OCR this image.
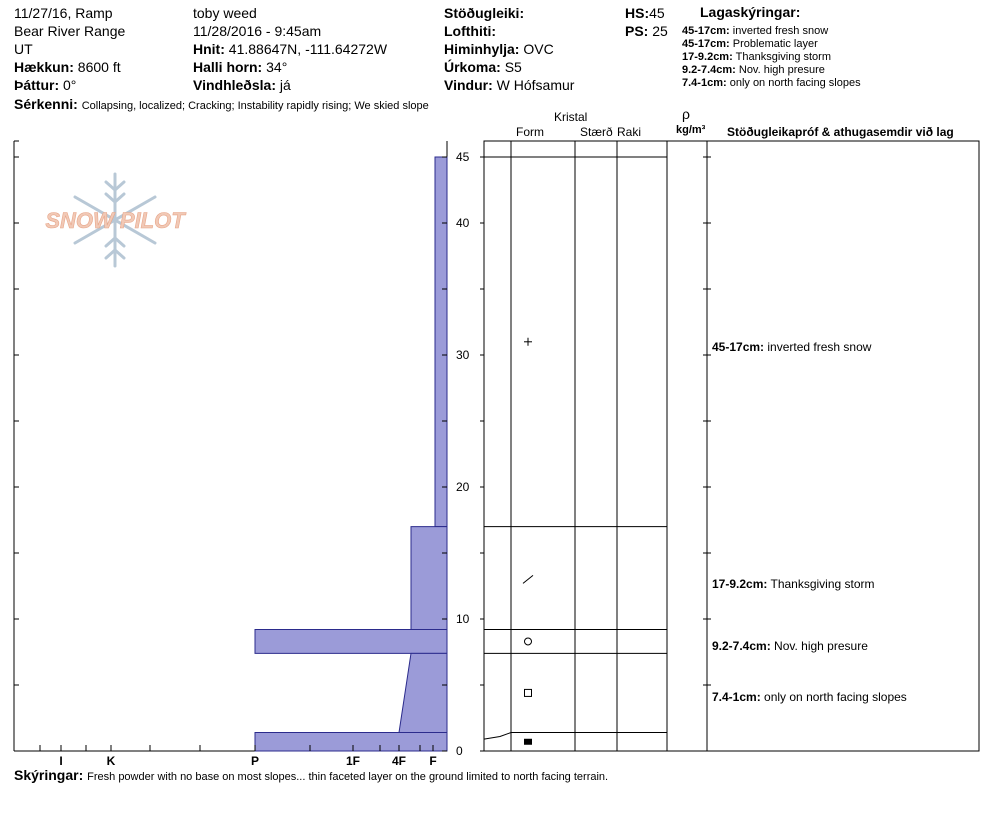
11/27/16, Ramp
Bear River Range
UT
Hækkun: 8600 ft
Þáttur: 0°
toby weed
11/28/2016 - 9:45am
Hnit: 41.88647N, -111.64272W
Halli horn: 34°
Vindhleðsla: já
Stöðugleiki:
Lofthiti:
Himinhylja: OVC
Úrkoma: S5
Vindur: W Hófsamur
HS:45
PS: 25
Sérkenni: Collapsing, localized; Cracking; Instability rapidly rising; We skied slope
Lagaskýringar:
45-17cm: inverted fresh snow
45-17cm: Problematic layer
17-9.2cm: Thanksgiving storm
9.2-7.4cm: Nov. high presure
7.4-1cm: only on north facing slopes
Kristal
Form	Stærð Raki
ρ
kg/m³ Stöðugleikapróf & athugasemdir við lag
SNOW PILOT
0
10
20
30
40
45
I	K	P	1F	4F F
45-17cm: inverted fresh snow
17-9.2cm: Thanksgiving storm
9.2-7.4cm: Nov. high presure
7.4-1cm: only on north facing slopes
Skýringar: Fresh powder with no base on most slopes... thin faceted layer on the ground limited to north facing terrain.
